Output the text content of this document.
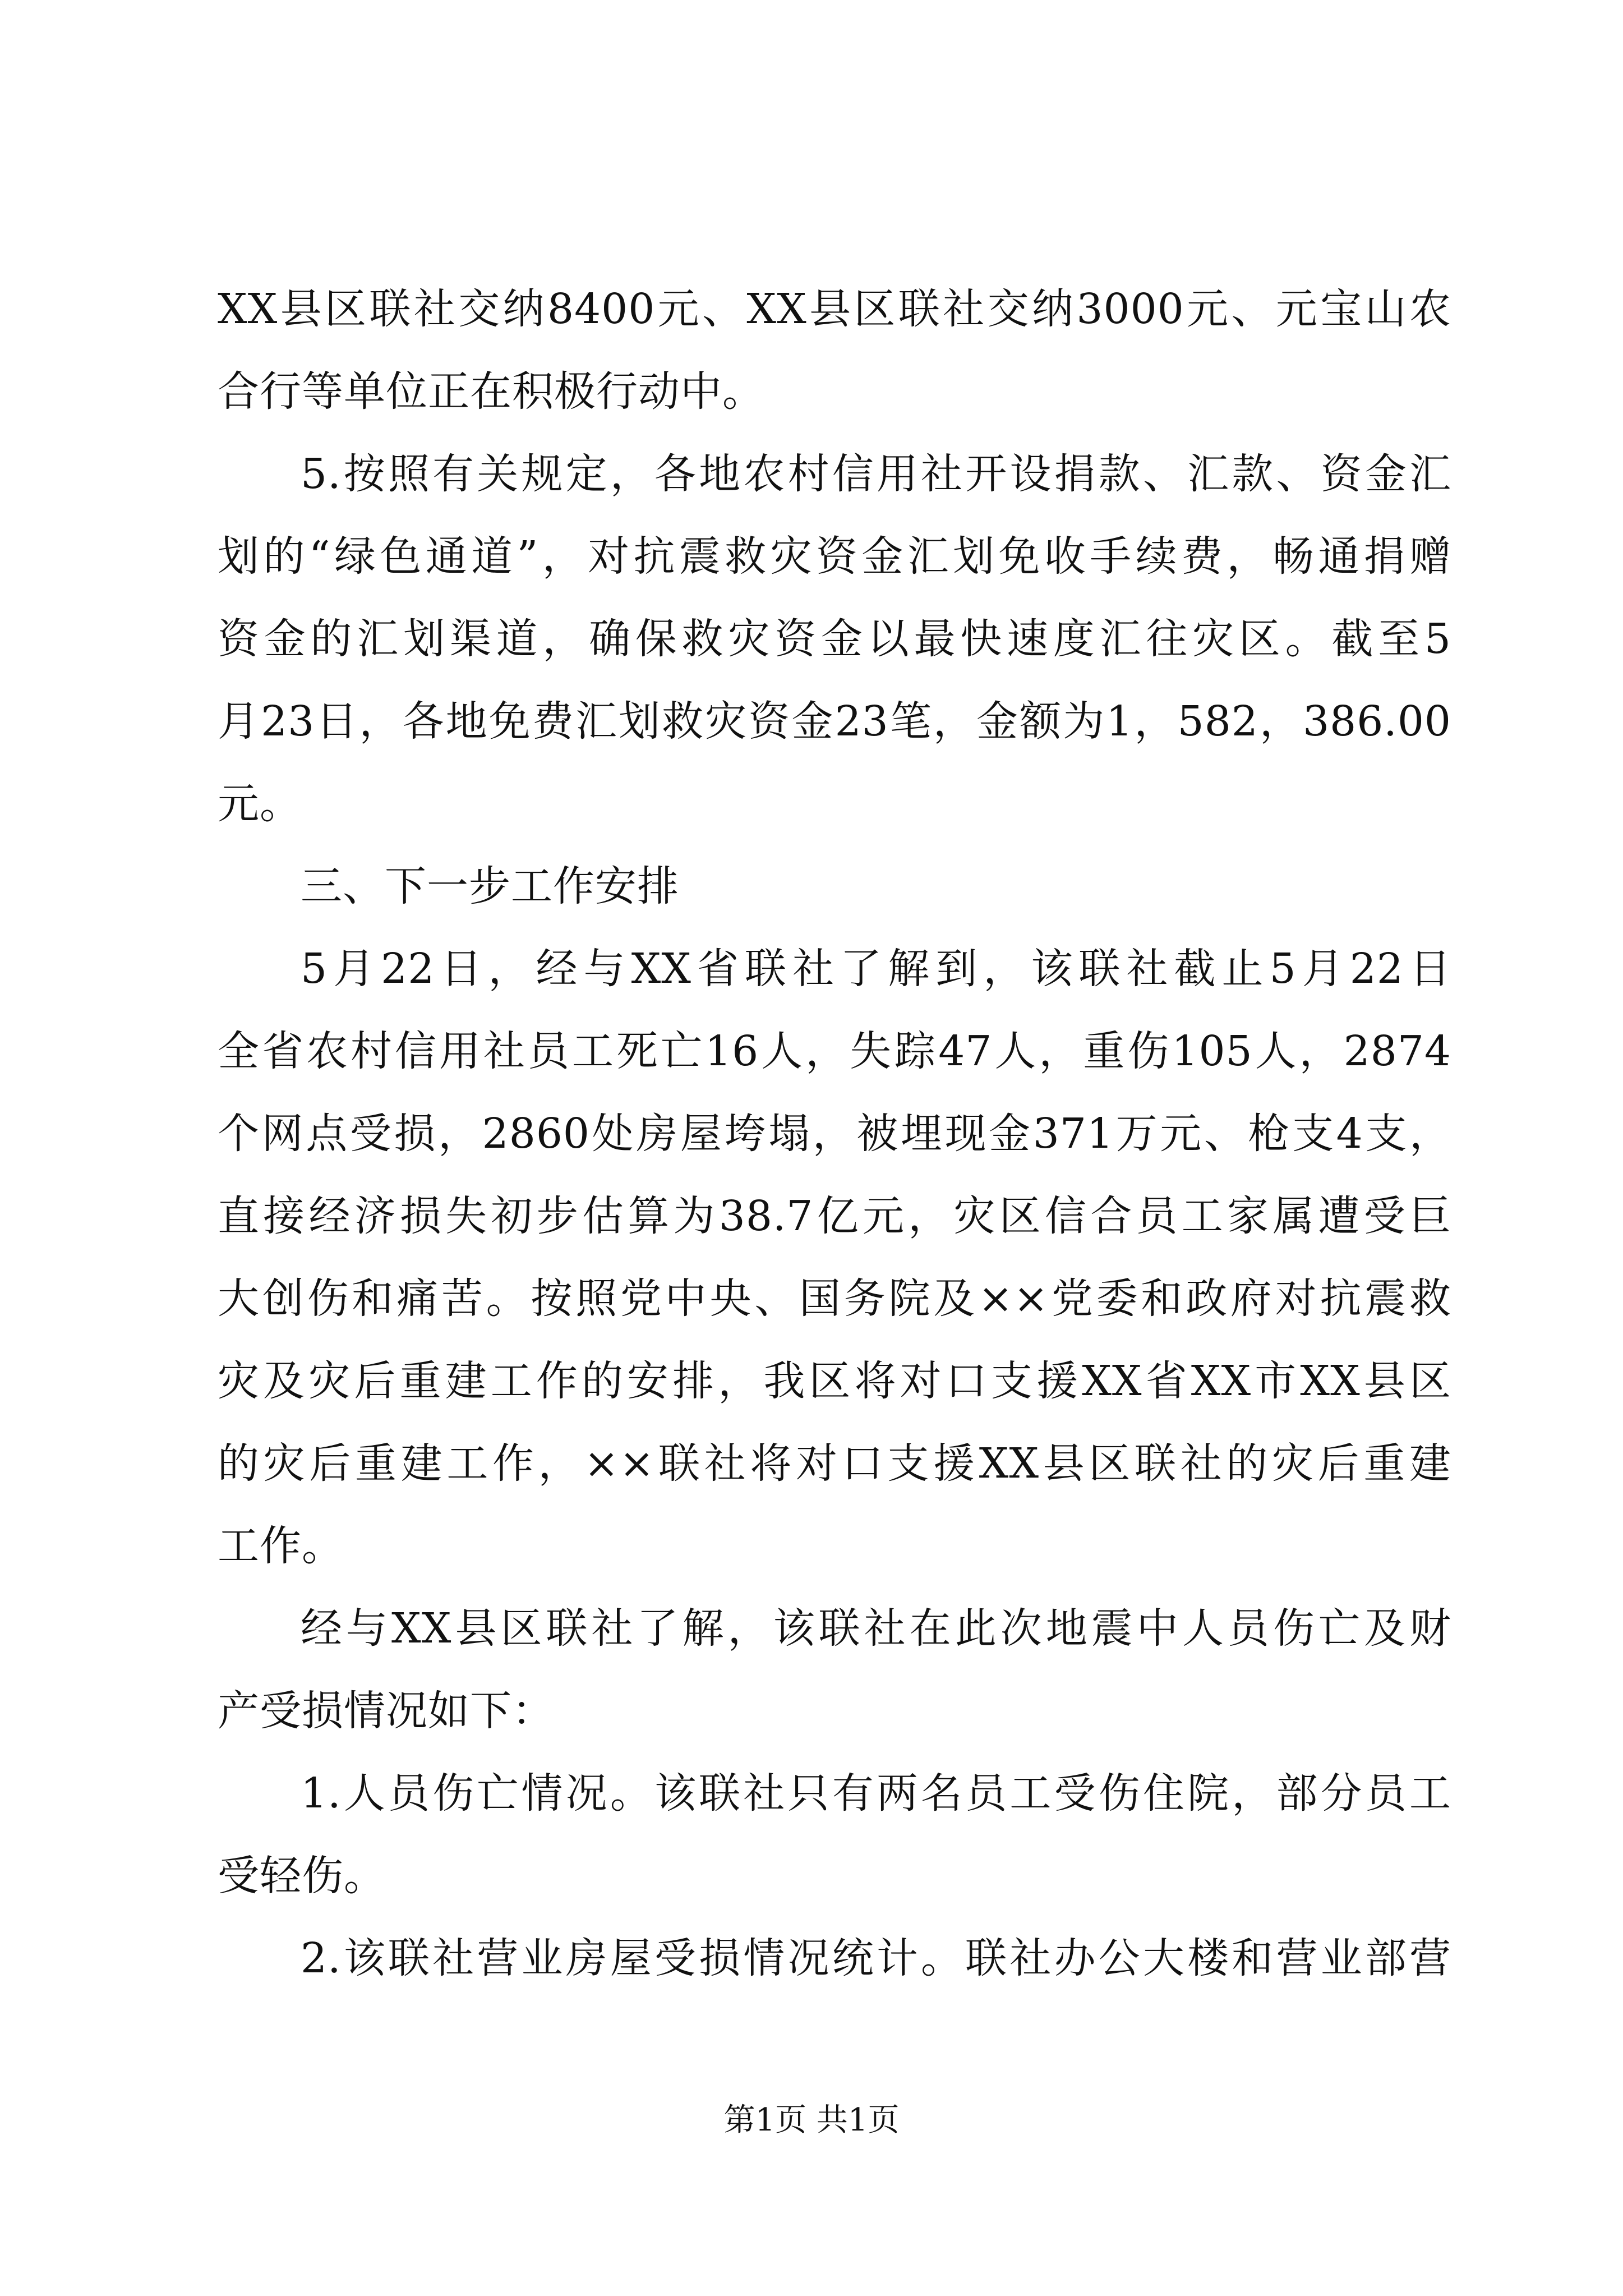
XX县区联社交纳8400元、XX县区联社交纳3000元、元宝山农
合行等单位正在积极行动中。
5.按照有关规定，各地农村信用社开设捐款、汇款、资金汇
划的“绿色通道”，对抗震救灾资金汇划免收手续费，畅通捐赠
资金的汇划渠道，确保救灾资金以最快速度汇往灾区。截至5
月23日，各地免费汇划救灾资金23笔，金额为1，582，386.00
元。
三、下一步工作安排
5月22日，经与XX省联社了解到，该联社截止5月22日
全省农村信用社员工死亡16人，失踪47人，重伤105人，2874
个网点受损，2860处房屋垮塌，被埋现金371万元、枪支4支，
直接经济损失初步估算为38.7亿元，灾区信合员工家属遭受巨
大创伤和痛苦。按照党中央、国务院及××党委和政府对抗震救
灾及灾后重建工作的安排，我区将对口支援XX省XX市XX县区
的灾后重建工作，××联社将对口支援XX县区联社的灾后重建
工作。
经与XX县区联社了解，该联社在此次地震中人员伤亡及财
产受损情况如下：
1.人员伤亡情况。该联社只有两名员工受伤住院，部分员工
受轻伤。
2.该联社营业房屋受损情况统计。联社办公大楼和营业部营
第1页 共1页
